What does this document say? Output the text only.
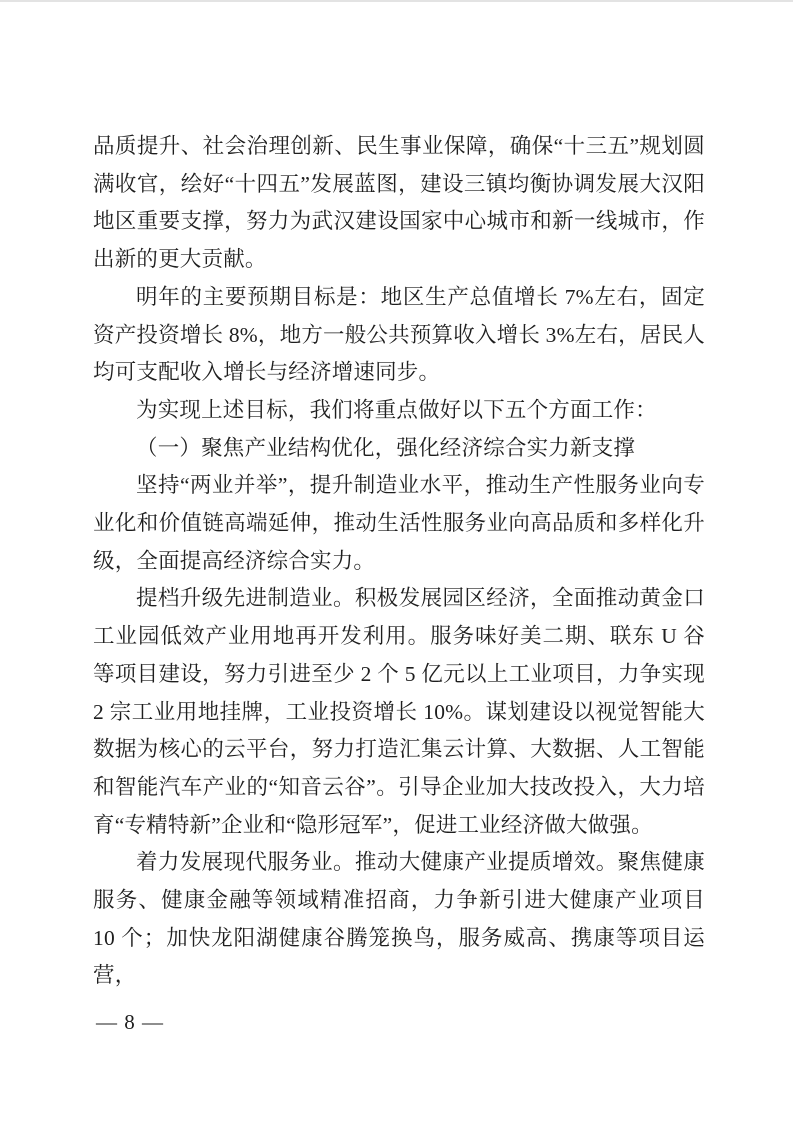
品质提升、社会治理创新、民生事业保障，确保“十三五”规划圆满收官，绘好“十四五”发展蓝图，建设三镇均衡协调发展大汉阳地区重要支撑，努力为武汉建设国家中心城市和新一线城市，作出新的更大贡献。

明年的主要预期目标是：地区生产总值增长 7%左右，固定资产投资增长 8%，地方一般公共预算收入增长 3%左右，居民人均可支配收入增长与经济增速同步。

为实现上述目标，我们将重点做好以下五个方面工作：

（一）聚焦产业结构优化，强化经济综合实力新支撑

坚持“两业并举”，提升制造业水平，推动生产性服务业向专业化和价值链高端延伸，推动生活性服务业向高品质和多样化升级，全面提高经济综合实力。

提档升级先进制造业。积极发展园区经济，全面推动黄金口工业园低效产业用地再开发利用。服务味好美二期、联东 U 谷等项目建设，努力引进至少 2 个 5 亿元以上工业项目，力争实现 2 宗工业用地挂牌，工业投资增长 10%。谋划建设以视觉智能大数据为核心的云平台，努力打造汇集云计算、大数据、人工智能和智能汽车产业的“知音云谷”。引导企业加大技改投入，大力培育“专精特新”企业和“隐形冠军”，促进工业经济做大做强。

着力发展现代服务业。推动大健康产业提质增效。聚焦健康服务、健康金融等领域精准招商，力争新引进大健康产业项目 10 个；加快龙阳湖健康谷腾笼换鸟，服务威高、携康等项目运营，

— 8 —
